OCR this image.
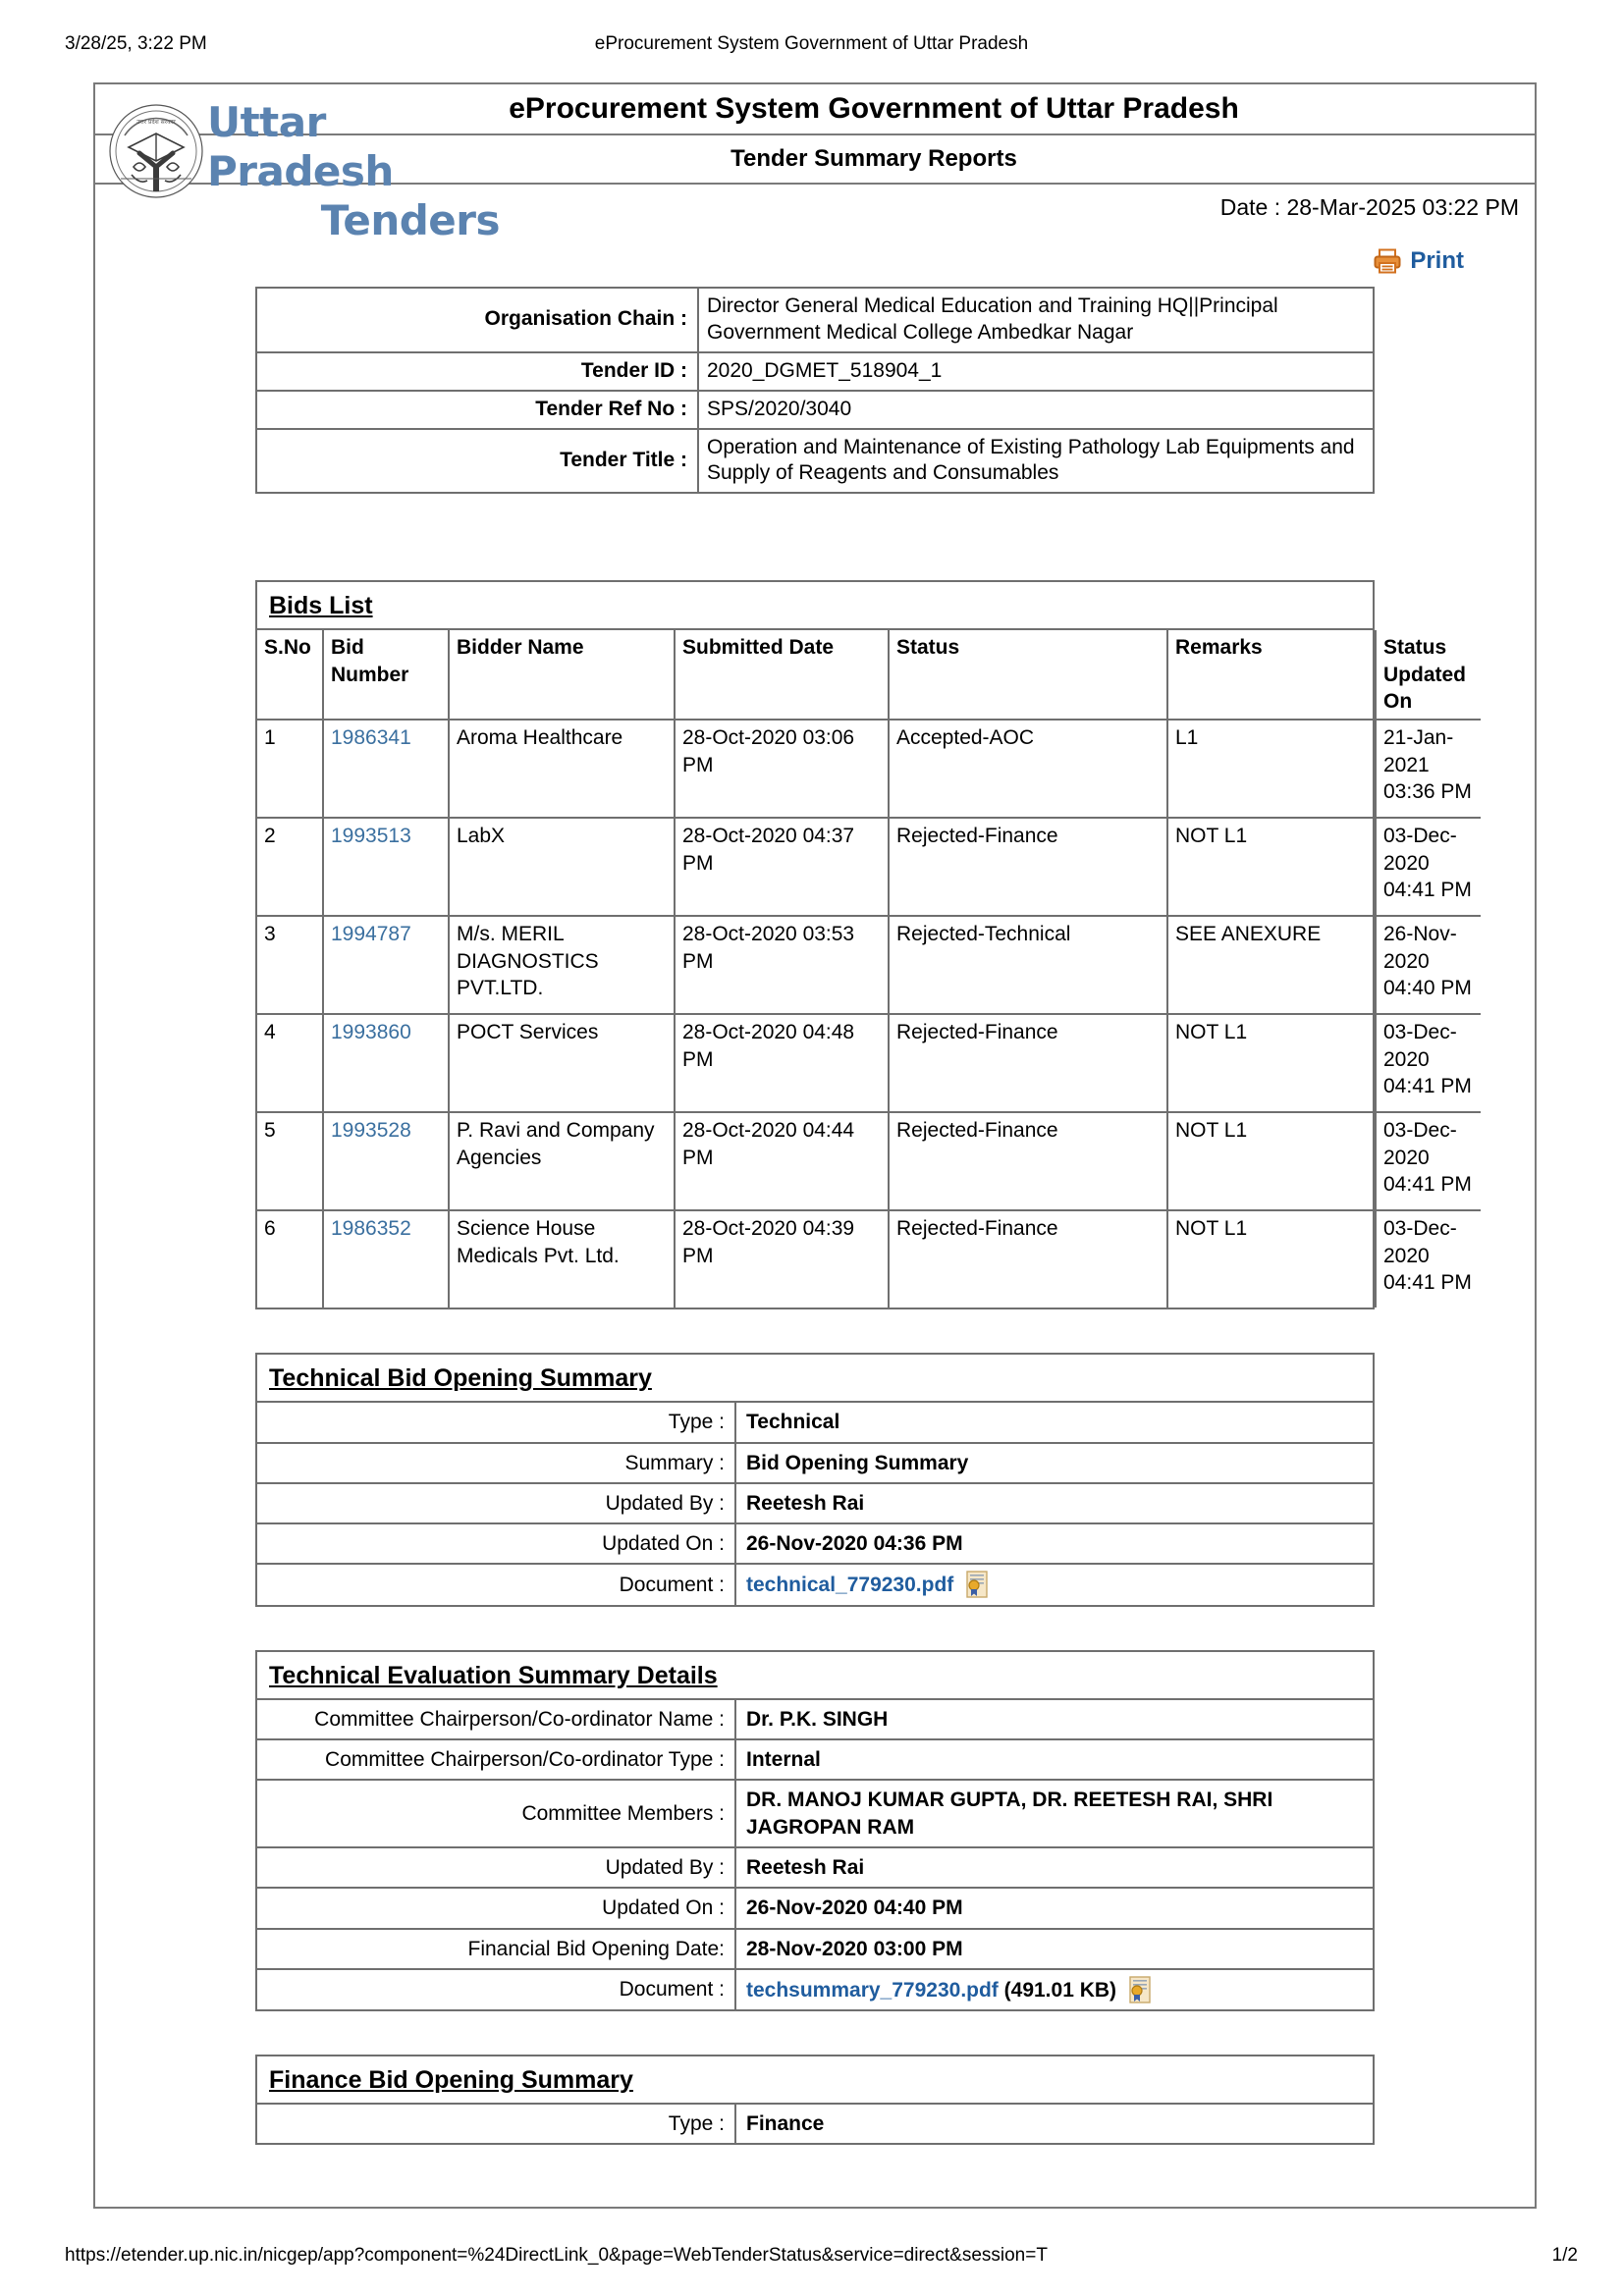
3/28/25, 3:22 PM	eProcurement System Government of Uttar Pradesh
eProcurement System Government of Uttar Pradesh
Tender Summary Reports
Date : 28-Mar-2025 03:22 PM
उत्तर प्रदेश सरकार Uttar Pradesh
Tenders
Print
Organisation Chain :	Director General Medical Education and Training HQ||Principal Government Medical College Ambedkar Nagar
Tender ID :	2020_DGMET_518904_1
Tender Ref No :	SPS/2020/3040
Tender Title :	Operation and Maintenance of Existing Pathology Lab Equipments and Supply of Reagents and Consumables
Bids List
S.No	Bid Number	Bidder Name	Submitted Date	Status	Remarks	Status Updated On
1	1986341	Aroma Healthcare	28-Oct-2020 03:06 PM	Accepted-AOC	L1	21-Jan-2021 03:36 PM
2	1993513	LabX	28-Oct-2020 04:37 PM	Rejected-Finance	NOT L1	03-Dec-2020 04:41 PM
3	1994787	M/s. MERIL DIAGNOSTICS PVT.LTD.	28-Oct-2020 03:53 PM	Rejected-Technical	SEE ANEXURE	26-Nov-2020 04:40 PM
4	1993860	POCT Services	28-Oct-2020 04:48 PM	Rejected-Finance	NOT L1	03-Dec-2020 04:41 PM
5	1993528	P. Ravi and Company Agencies	28-Oct-2020 04:44 PM	Rejected-Finance	NOT L1	03-Dec-2020 04:41 PM
6	1986352	Science House Medicals Pvt. Ltd.	28-Oct-2020 04:39 PM	Rejected-Finance	NOT L1	03-Dec-2020 04:41 PM
Technical Bid Opening Summary
Type :	Technical
Summary :	Bid Opening Summary
Updated By :	Reetesh Rai
Updated On :	26-Nov-2020 04:36 PM
Document :	technical_779230.pdf
Technical Evaluation Summary Details
Committee Chairperson/Co-ordinator Name :	Dr. P.K. SINGH
Committee Chairperson/Co-ordinator Type :	Internal
Committee Members :	DR. MANOJ KUMAR GUPTA, DR. REETESH RAI, SHRI JAGROPAN RAM
Updated By :	Reetesh Rai
Updated On :	26-Nov-2020 04:40 PM
Financial Bid Opening Date:	28-Nov-2020 03:00 PM
Document :	techsummary_779230.pdf (491.01 KB)
Finance Bid Opening Summary
Type :	Finance
https://etender.up.nic.in/nicgep/app?component=%24DirectLink_0&page=WebTenderStatus&service=direct&session=T	1/2
